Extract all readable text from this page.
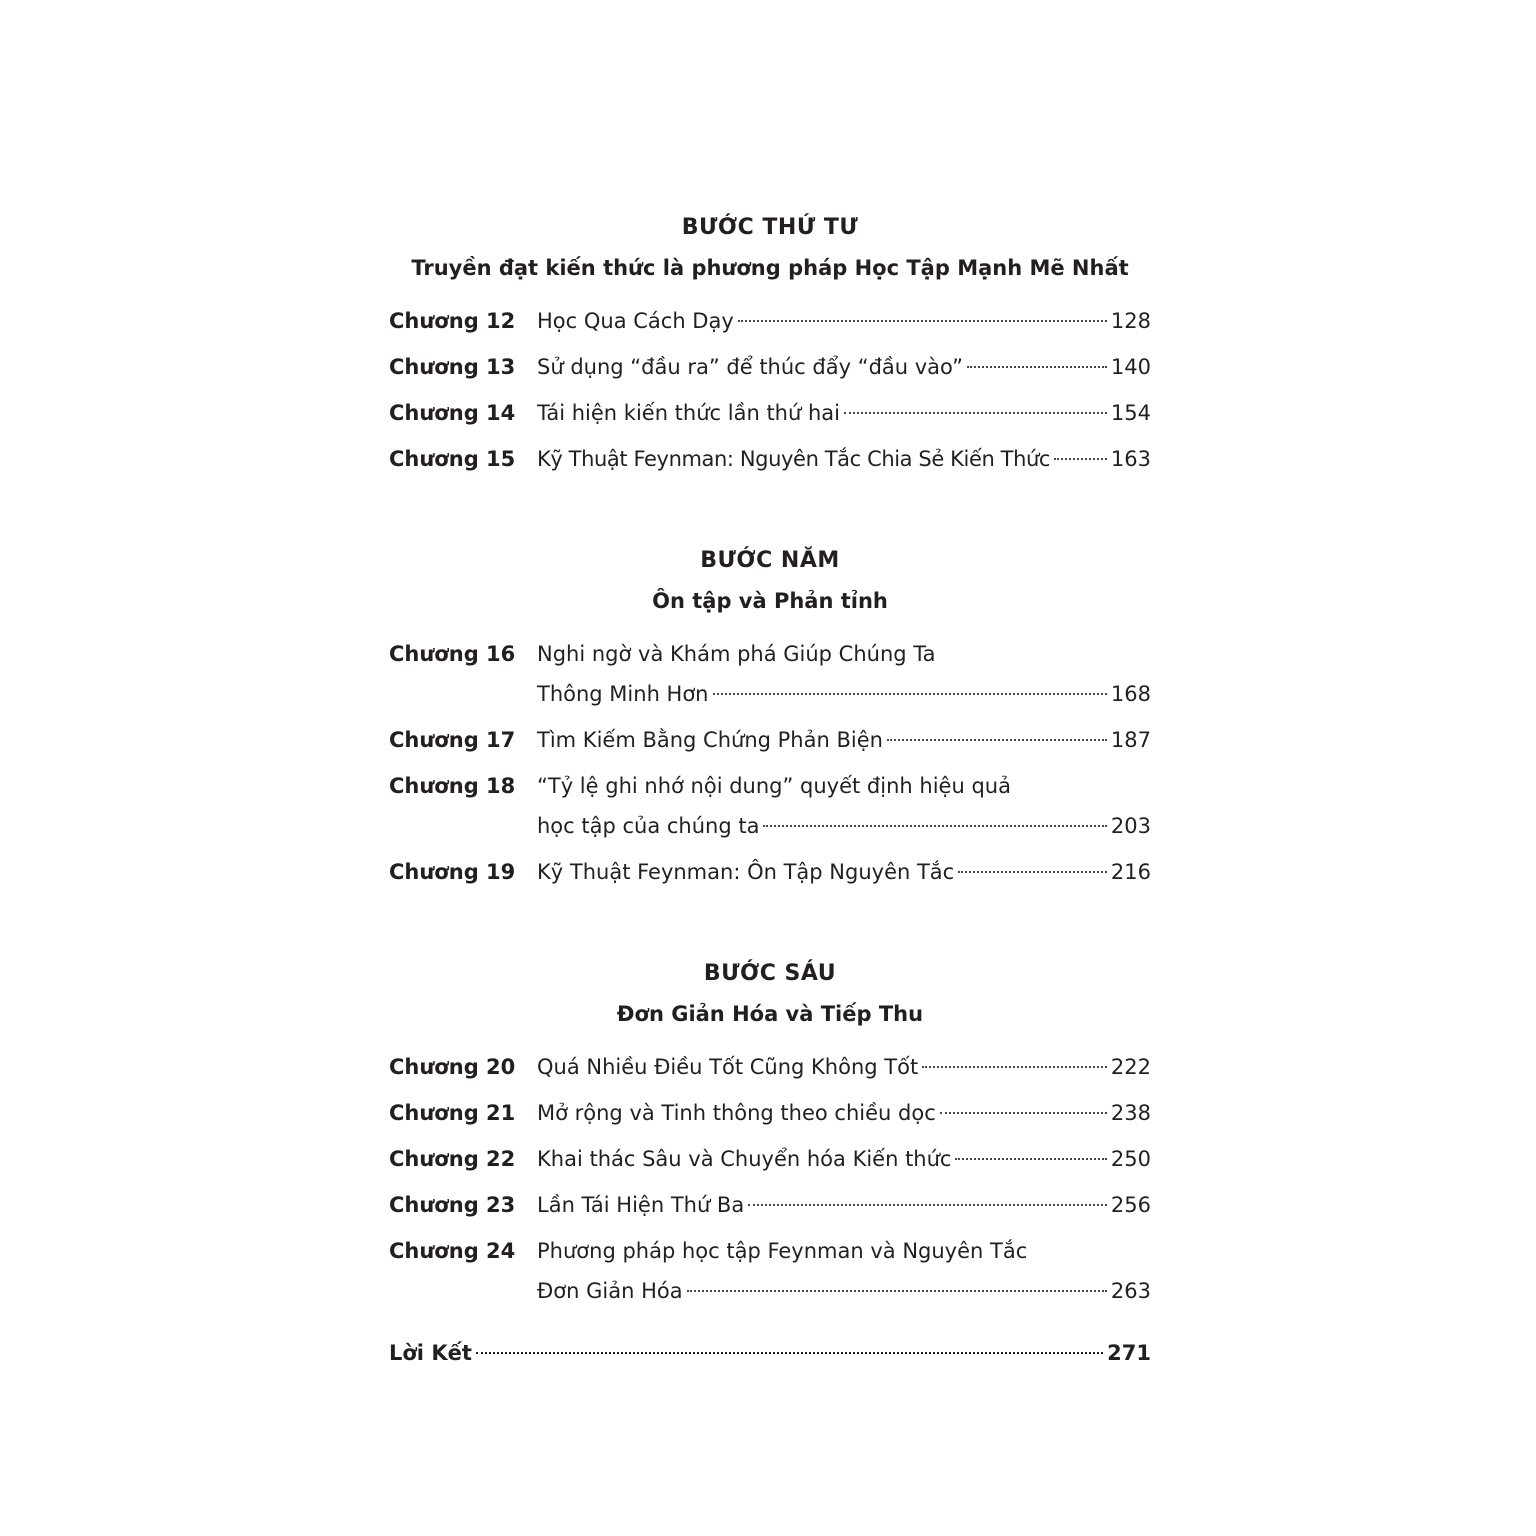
BƯỚC THỨ TƯ
Truyền đạt kiến thức là phương pháp Học Tập Mạnh Mẽ Nhất
Chương 12	Học Qua Cách Dạy	128
Chương 13	Sử dụng “đầu ra” để thúc đẩy “đầu vào”	140
Chương 14	Tái hiện kiến thức lần thứ hai	154
Chương 15	Kỹ Thuật Feynman: Nguyên Tắc Chia Sẻ Kiến Thức	163
BƯỚC NĂM
Ôn tập và Phản tỉnh
Chương 16	Nghi ngờ và Khám phá Giúp Chúng Ta
Thông Minh Hơn	168
Chương 17	Tìm Kiếm Bằng Chứng Phản Biện	187
Chương 18	“Tỷ lệ ghi nhớ nội dung” quyết định hiệu quả
học tập của chúng ta	203
Chương 19	Kỹ Thuật Feynman: Ôn Tập Nguyên Tắc	216
BƯỚC SÁU
Đơn Giản Hóa và Tiếp Thu
Chương 20	Quá Nhiều Điều Tốt Cũng Không Tốt	222
Chương 21	Mở rộng và Tinh thông theo chiều dọc	238
Chương 22	Khai thác Sâu và Chuyển hóa Kiến thức	250
Chương 23	Lần Tái Hiện Thứ Ba	256
Chương 24	Phương pháp học tập Feynman và Nguyên Tắc
Đơn Giản Hóa	263
Lời Kết	271
